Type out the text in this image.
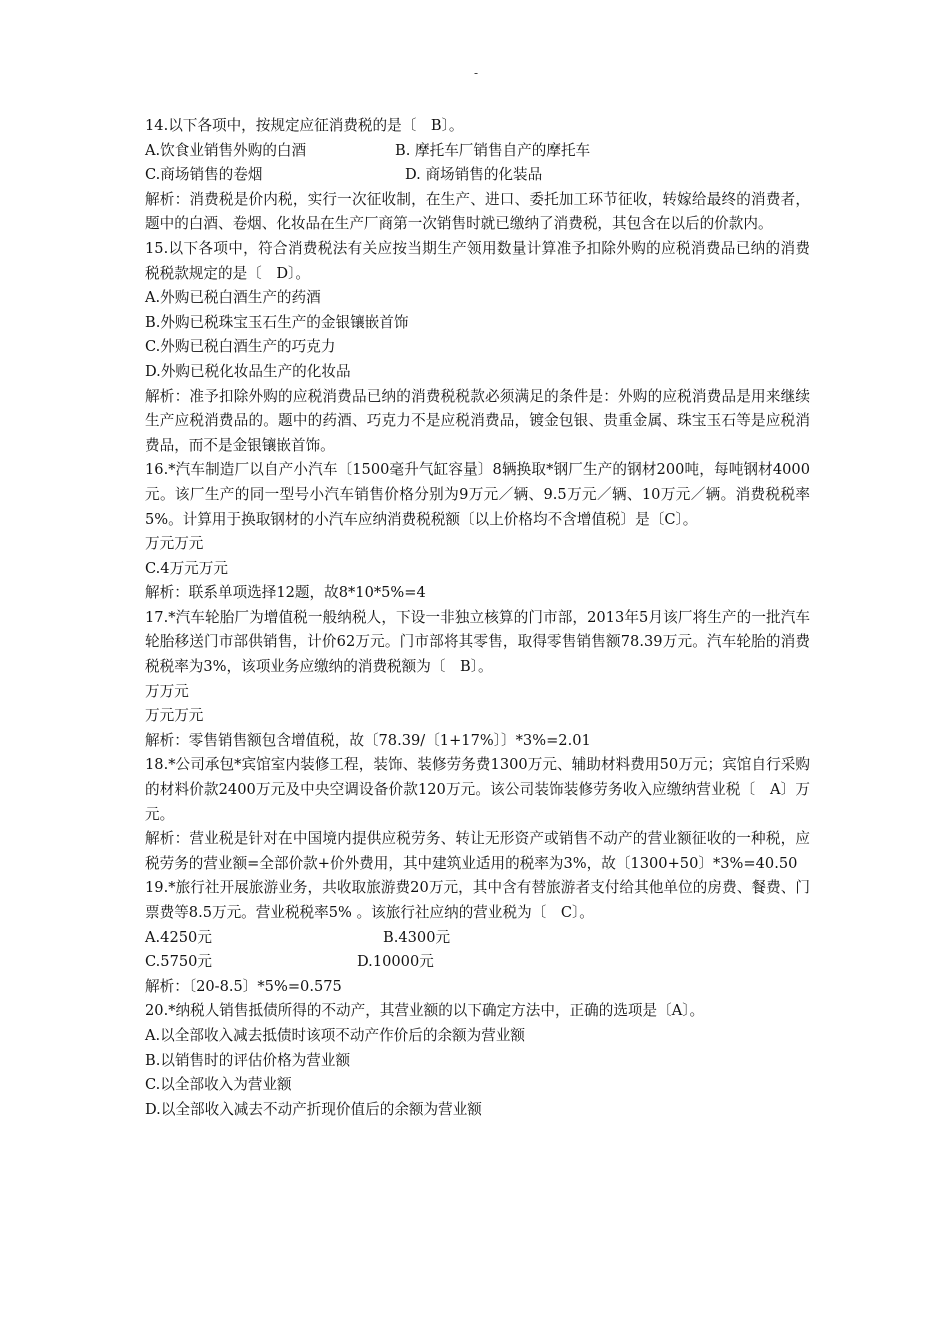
-
14.以下各项中，按规定应征消费税的是〔　B〕。
A.饮食业销售外购的白酒	B. 摩托车厂销售自产的摩托车
C.商场销售的卷烟	D. 商场销售的化装品
解析：消费税是价内税，实行一次征收制，在生产、进口、委托加工环节征收，转嫁给最终的消费者，题中的白酒、卷烟、化妆品在生产厂商第一次销售时就已缴纳了消费税，其包含在以后的价款内。
15.以下各项中，符合消费税法有关应按当期生产领用数量计算准予扣除外购的应税消费品已纳的消费税税款规定的是〔　D〕。
A.外购已税白酒生产的药酒
B.外购已税珠宝玉石生产的金银镶嵌首饰
C.外购已税白酒生产的巧克力
D.外购已税化妆品生产的化妆品
解析：准予扣除外购的应税消费品已纳的消费税税款必须满足的条件是：外购的应税消费品是用来继续生产应税消费品的。题中的药酒、巧克力不是应税消费品，镀金包银、贵重金属、珠宝玉石等是应税消费品，而不是金银镶嵌首饰。
16.*汽车制造厂以自产小汽车〔1500毫升气缸容量〕8辆换取*钢厂生产的钢材200吨，每吨钢材4000元。该厂生产的同一型号小汽车销售价格分别为9万元／辆、9.5万元／辆、10万元／辆。消费税税率5%。计算用于换取钢材的小汽车应纳消费税税额〔以上价格均不含增值税〕是〔C〕。
万元万元
C.4万元万元
解析：联系单项选择12题，故8*10*5%=4
17.*汽车轮胎厂为增值税一般纳税人，下设一非独立核算的门市部，2013年5月该厂将生产的一批汽车轮胎移送门市部供销售，计价62万元。门市部将其零售，取得零售销售额78.39万元。汽车轮胎的消费税税率为3%，该项业务应缴纳的消费税额为〔　B〕。
万万元
万元万元
解析：零售销售额包含增值税，故〔78.39/〔1+17%〕〕*3%=2.01
18.*公司承包*宾馆室内装修工程，装饰、装修劳务费1300万元、辅助材料费用50万元；宾馆自行采购的材料价款2400万元及中央空调设备价款120万元。该公司装饰装修劳务收入应缴纳营业税〔　A〕万元。
解析：营业税是针对在中国境内提供应税劳务、转让无形资产或销售不动产的营业额征收的一种税，应税劳务的营业额=全部价款+价外费用，其中建筑业适用的税率为3%，故〔1300+50〕*3%=40.50
19.*旅行社开展旅游业务，共收取旅游费20万元，其中含有替旅游者支付给其他单位的房费、餐费、门票费等8.5万元。营业税税率5% 。该旅行社应纳的营业税为〔　C〕。
A.4250元	B.4300元
C.5750元	D.10000元
解析：〔20-8.5〕*5%=0.575
20.*纳税人销售抵债所得的不动产，其营业额的以下确定方法中，正确的选项是〔A〕。
A.以全部收入减去抵债时该项不动产作价后的余额为营业额
B.以销售时的评估价格为营业额
C.以全部收入为营业额
D.以全部收入减去不动产折现价值后的余额为营业额
